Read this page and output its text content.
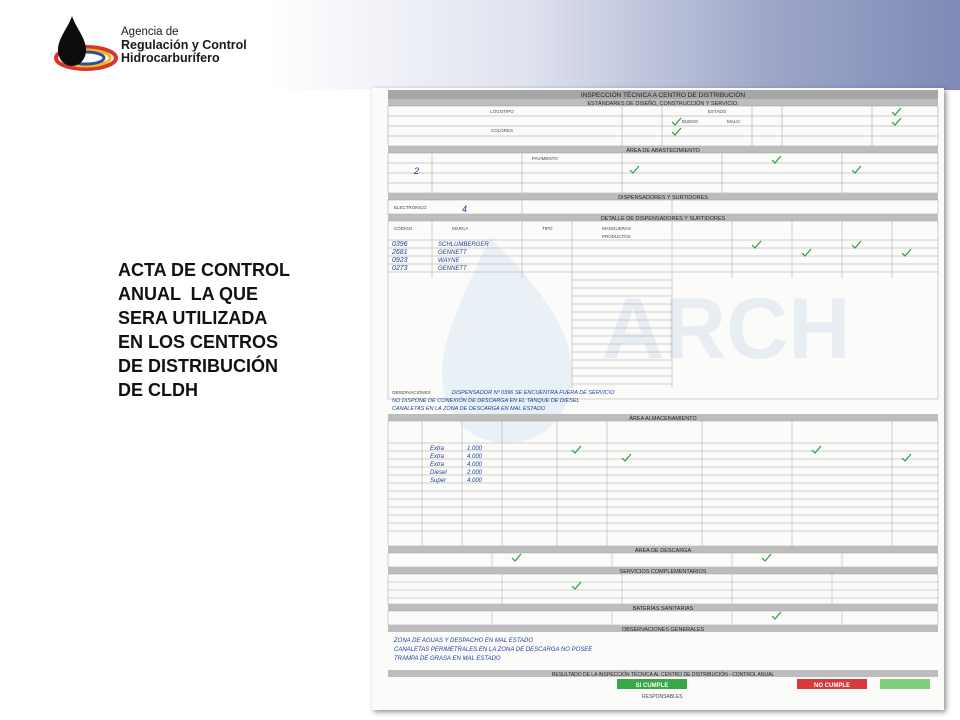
Agencia de
Regulación y Control
Hidrocarburífero
ACTA DE CONTROL
ANUAL  LA QUE
SERA UTILIZADA
EN LOS CENTROS
DE DISTRIBUCIÓN
DE CLDH
ARCH
INSPECCIÓN TÉCNICA A CENTRO DE DISTRIBUCIÓN
ESTÁNDARES DE DISEÑO, CONSTRUCCIÓN Y SERVICIO.
LOGOTIPO
COLORES
ESTADO
BUENO	MALO
ÁREA DE ABASTECIMIENTO
PAVIMENTO
2
DISPENSADORES Y SURTIDORES
ELECTRÓNICO	4
DETALLE DE DISPENSADORES Y SURTIDORES
CÓDIGO	MARCA	TIPO	MANGUERAS
PRODUCTOS
0396	SCHLUMBERGER
2681	GENNETT
0923	WAYNE
0273	GENNETT
OBSERVACIONES	DISPENSADOR Nº 0396 SE ENCUENTRA FUERA DE SERVICIO
NO DISPONE DE CONEXIÓN DE DESCARGA EN EL TANQUE DE DIESEL
CANALETAS EN LA ZONA DE DESCARGA EN MAL ESTADO
ÁREA ALMACENAMIENTO
Extra	1.000
Extra	4.000
Extra	4.000
Diesel	2.000
Super	4.000
ÁREA DE DESCARGA
SERVICIOS COMPLEMENTARIOS
BATERÍAS SANITARIAS
OBSERVACIONES GENERALES
ZONA DE AGUAS Y DESPACHO EN MAL ESTADO
CANALETAS PERIMETRALES EN LA ZONA DE DESCARGA NO POSEE
TRAMPA DE GRASA EN MAL ESTADO
RESULTADO DE LA INSPECCIÓN TÉCNICA AL CENTRO DE DISTRIBUCIÓN - CONTROL ANUAL
SI CUMPLE	NO CUMPLE
RESPONSABLES
